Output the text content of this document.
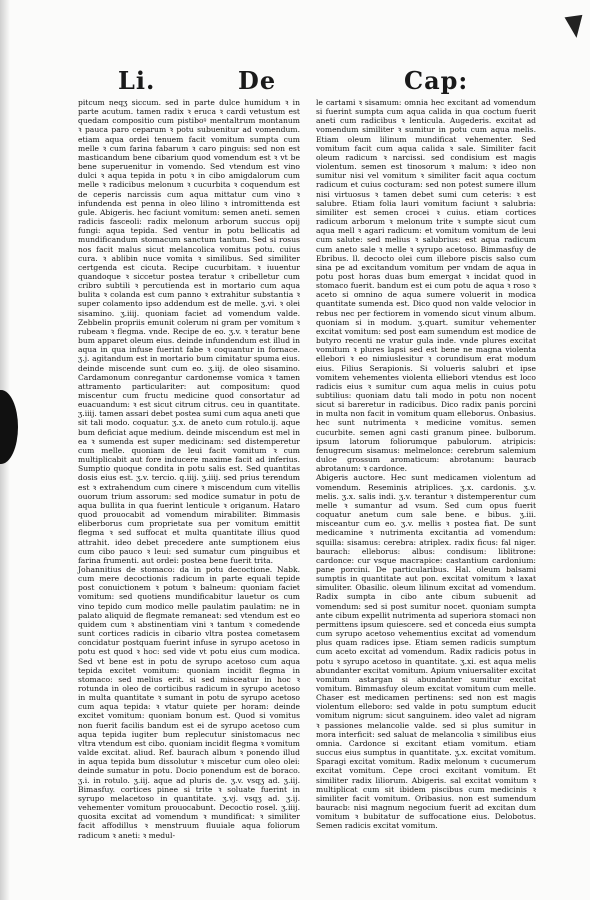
Li.	De	Cap:

pitcum neqʒ siccum. sed in parte dulce humidum ꝛ in parte acutum. tamen radix ꝛ eruca ꝛ cardi vetustum est quedam compositio cum pistiboꝰ mentaltrum montanum ꝛ pauca paro ceparum ꝛ potu subuenitur ad vomendum. etiam aqua ordei tenuem facit vomitum sumpta cum melle ꝛ cum farina fabarum ꝛ caro pinguis: sed non est masticandum bene cibarium quod vomendum est ꝛ vt be bene superuenitur in vomendo. Sed vtendum est vino dulci ꝛ aqua tepida in potu ꝛ in cibo amigdalorum cum melle ꝛ radicibus melonum ꝛ cucurbita ꝛ coquendum est de ceperis narcissis cum aqua mittatur cum vino ꝛ infundenda est penna in oleo lilino ꝛ intromittenda est gule. Abigeris. hec faciunt vomitum: semen aneti. semen radicis fasceoli: radix melonum arborum succus opij fungi: aqua tepida. Sed ventur in potu bellicatis ad mundificandum stomacum sanctum tantum. Sed si rosus nos facit malus sicut melancolica vomitus potu. cuius cura. ꝛ ablibin nuce vomita ꝛ similibus. Sed similiter certgenda est cicuta. Recipe cucurbitam. ꝛ iuuentur quandoque ꝛ siccetur postea teratur ꝛ cribelletur cum cribro subtili ꝛ percutienda est in mortario cum aqua bulita ꝛ colanda est cum panno ꝛ extrahitur substantia ꝛ super colamento ipso addendum est de melle. ʒ.vi. ꝛ olei sisamino. ʒ.iiij. quoniam faciet ad vomendum valde. Zebbelin propriis emunit colerum ni gram per vomitum ꝛ rubeam ꝛ flegma. vnde. Recipe de eo. ʒ.v. ꝛ teratur bene bum apparet oleum eius. deinde infundendum est illud in aqua in qua infuse fuerint fabe ꝛ coquantur in fornace. ʒ.j. agitandum est in mortario bum cimitatur spuma eius. deinde miscende sunt cum eo. ʒ.iij. de oleo sisamino. Cardamonum conregantur cardonemse vomica ꝛ tamen attramento particulariter: aut compositum: quod miscentur cum fructu medicine quod consortatur ad euacuandum: ꝛ est sicut citrum citrus. ceu in quantitate. ʒ.iiij. tamen assari debet postea sumi cum aqua aneti que sit tali modo. coquatur. ʒ.x. de aneto cum rotulo.ij. aque bum deficiat aque medium. deinde miscendum est mel in ea ꝛ sumenda est super medicinam: sed distemperetur cum melle. quoniam de leui facit vomitum ꝛ cum multiplicabit aut fore inducere maxime facit ad inferius. Sumptio quoque condita in potu salis est. Sed quantitas dosis eius est. ʒ.v. tercio. q.iiij. ʒ.iiij. sed prius terendum est ꝛ extrahendum cum cinere ꝛ miscendum cum vitellis ouorum trium assorum: sed modice sumatur in potu de aqua bullita in qua fuerint lenticule ꝛ origanum. Hataro quod prouocabit ad vomendum mirabiliter. Bimmasis eliberborus cum proprietate sua per vomitum emittit flegma ꝛ sed suffocat et multa quantitate illius quod attrahit. ideo debet precedere ante sumptionem eius cum cibo pauco ꝛ leui: sed sumatur cum pinguibus et farina frumenti. aut ordei: postea bene fuerit trita.

Johannitius de stomaco: da in potu decoctione. Nabk. cum mere decoctionis radicum in parte equali tepide post conuictionem ꝛ potum ꝛ balneum: quoniam faciet vomitum: sed quotiens mundificabitur lauetur os cum vino tepido cum modico melle paulatim paulatim: ne in palato aliquid de flegmate remaneat: sed vtendum est eo quidem cum ꝛ abstinentiam vini ꝛ tantum ꝛ comedende sunt cortices radicis in cibario vltra postea cometasem concidatur postquam fuerint infuse in syrupo acetoso in potu est quod ꝛ hoc: sed vide vt potu eius cum modica. Sed vt bene est in potu de syrupo acetoso cum aqua tepida excitet vomitum: quoniam incidit flegma in stomaco: sed melius erit. si sed misceatur in hoc ꝛ rotunda in oleo de corticibus radicum in syrupo acetoso in multa quantitate ꝛ sumant in potu de syrupo acetoso cum aqua tepida: ꝛ vtatur quiete per horam: deinde excitet vomitum: quoniam bonum est. Quod si vomitus non fuerit facilis bandum est ei de syrupo acetoso cum aqua tepida iugiter bum replecutur sinistomacus nec vltra vtendum est cibo. quoniam incidit flegma ꝛ vomitum valde excitat. aliud. Ref. baurach album ꝛ ponendo illud in aqua tepida bum dissolutur ꝛ miscetur cum oleo olei: deinde sumatur in potu. Docio ponendum est de boraco. ʒ.i. in rotulo. ʒ.iij. aque ad pluris de. ʒ.v. vsqʒ ad. ʒ.iij. Bimasfuy. cortices pinee si trite ꝛ soluate fuerint in syrupo melacetoso in quantitate. ʒ.vj. vsqʒ ad. ʒ.ij. vehementer vomitum prouocabunt. Decoctio rosel. ʒ.iiij. quosita excitat ad vomendum ꝛ mundificat: ꝛ similiter facit affodillus ꝛ menstruum fluuiale aqua foliorum radicum ꝛ aneti: ꝛ medul-

le cartami ꝛ sisamum: omnia hec excitant ad vomendum si fuerint sumpta cum aqua calida in qua coctum fuerit aneti cum radicibus ꝛ lenticula. Augederis. excitat ad vomendum similiter ꝛ sumitur in potu cum aqua melis. Etiam oleum lilinum mundificat vehementer. Sed vomitum facit cum aqua calida ꝛ sale. Similiter facit oleum radicum ꝛ narcissi. sed condisium est magis violentum. semen est tinosorum ꝛ malum: ꝛ ideo non sumitur nisi vel vomitum ꝛ similiter facit aqua coctum radicum et cuius cocturam: sed non potest sumere illum nisi virtuosus ꝛ tamen debet sumi cum ceteris: ꝛ est salubre. Etiam folia lauri vomitum faciunt ꝛ salubria: similiter est semen crocei ꝛ cuius. etiam cortices radicum arborum ꝛ melonum trite ꝛ sumpte sicut cum aqua mell ꝛ agari radicum: et vomitum vomitum de leui cum salute: sed melius ꝛ salubrius: est aqua radicum cum aneto sale ꝛ melle ꝛ syrupo acetoso. Bimmasfuy de Ebribus. ll. decocto olei cum illebore piscis salso cum sina pe ad excitandum vomitum per vndam de aqua in potu post horas duas bum emergat ꝛ incidat quod in stomaco fuerit. bandum est ei cum potu de aqua ꝛ roso ꝛ aceto si omnino de aqua sumere voluerit in modica quantitate sumenda est. Dico quod non valde velocior in rebus nec per fectiorem in vomendo sicut vinum album. quoniam si in modum. ʒ.quart. sumitur vehementer excitat vomitum: sed post eam sumendum est modice de butyro recenti ne vratur gula inde. vnde plures excitat vomitum ꝛ plures lapsi sed est bene ne magna violenta ellebori ꝛ eo nimiuslesitur ꝛ corundisum erat modum eius. Filius Serapionis. Si volueris salubri et ipse vomitem vehementes violenta elliebori vtendus est loco radicis eius ꝛ sumitur cum aqua melis in cuius potu subtilius: quoniam datu tali modo in potu non nocent sicut si bareretur in radicibus. Dico radix panis porcini in multa non facit in vomitum quam elleborus. Onbasius. hec sunt nutrimenta ꝛ medicine vomitus. semen cucurbite. semen agni casti granum pinee. bulborum. ipsum latorum foliorumque pabulorum. atripicis: fenugrecum sisamus: melmelonce: cerebrum salemium dulce grossum aromaticum: abrotanum: bauracb abrotanum: ꝛ cardonce.

Abigeris auctore. Hec sunt medicamen violentum ad vomendum. Reseminis atriplices. ʒ.x. cardonis. ʒ.v. melis. ʒ.x. salis indi. ʒ.v. terantur ꝛ distemperentur cum melle ꝛ sumantur ad vsum. Sed cum opus fuerit coquatur anetum cum sale bene. e bibus. ʒ.iii. misceantur cum eo. ʒ.v. mellis ꝛ postea fiat. De sunt medicamine ꝛ nutrimenta excitantia ad vomendum: squilla: sisamus: cerebra: atriplex. radix ficus: fal niger. baurach: elleborus: albus: condisum: liblitrone: cardonce: cur vsque macrapice: castantium cardonium: pane porcini. De particularibus. Hal. oleum balsami sumptis in quantitate aut pon. excitat vomitum ꝛ laxat simuliter. Obasilic. oleum lilinum excitat ad vomendum. Radix sumpta in cibo ante cibum subuenit ad vomendum: sed si post sumitur nocet. quoniam sumpta ante cibum expellit nutrimenta ad superiora stomaci non permittens ipsum quiescere. sed et conceda eius sumpta cum syrupo acetoso vehementius excitat ad vomendum plus quam radices ipse. Etiam semen radicis sumptum cum aceto excitat ad vomendum. Radix radicis potus in potu ꝛ syrupo acetoso in quantitate. ʒ.xi. est aqua melis abundanter excitat vomitum. Apium vniuersaliter excitat vomitum astargan si abundanter sumitur excitat vomitum. Bimmasfuy oleum excitat vomitum cum melle. Chaser est medicamen pertinens: sed non est magis violentum elleboro: sed valde in potu sumptum educit vomitum nigrum: sicut sanguinem. ideo valet ad nigram ꝛ passiones melancolie valde. sed si plus sumitur in mora interficit: sed saluat de melancolia ꝛ similibus eius omnia. Cardonce si excitant etiam vomitum. etiam succus eius sumptus in quantitate. ʒ.x. excitat vomitum. Sparagi excitat vomitum. Radix melonum ꝛ cucumerum excitat vomitum. Cepe croci excitant vomitum. Et similiter radix liliorum. Abigeris. sal excitat vomitum ꝛ multiplicat cum sit ibidem piscibus cum medicinis ꝛ similiter facit vomitum. Oribasius. non est sumendum bauracb: nisi magnum negocium fuerit ad excitan dum vomitum ꝛ bubitatur de suffocatione eius. Delobotus. Semen radicis excitat vomitum.
